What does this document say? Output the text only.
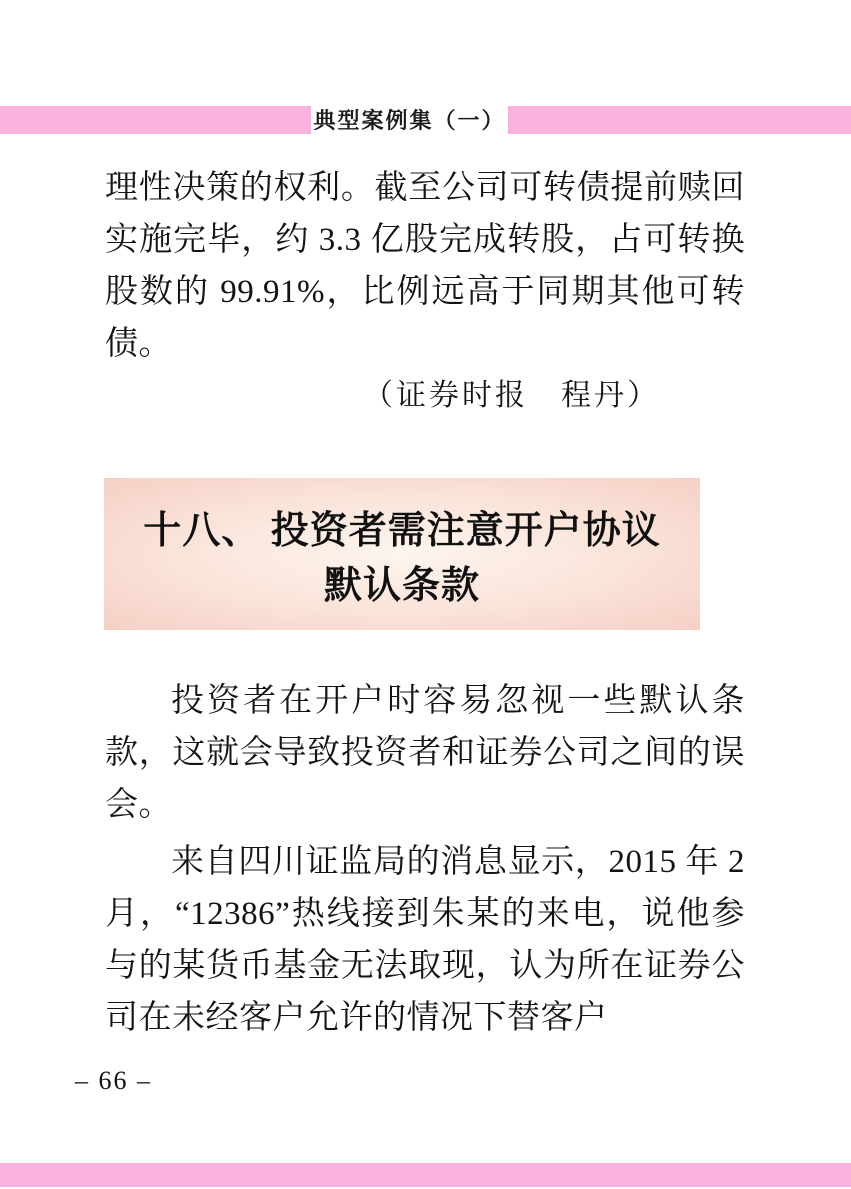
典型案例集（一）
理性决策的权利。截至公司可转债提前赎回实施完毕，约 3.3 亿股完成转股，占可转换股数的 99.91%，比例远高于同期其他可转债。
（证券时报　程丹）
十八、 投资者需注意开户协议
默认条款
投资者在开户时容易忽视一些默认条款，这就会导致投资者和证券公司之间的误会。
来自四川证监局的消息显示，2015 年 2 月，“12386”热线接到朱某的来电，说他参与的某货币基金无法取现，认为所在证券公司在未经客户允许的情况下替客户
– 66 –
